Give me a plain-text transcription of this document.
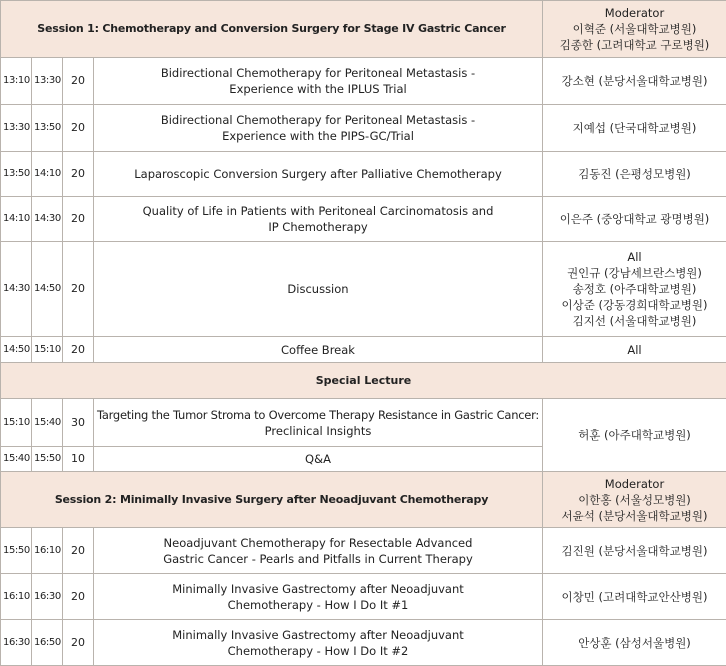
Session 1: Chemotherapy and Conversion Surgery for Stage IV Gastric Cancer				Moderator
이혁준 (서울대학교병원)
김종한 (고려대학교 구로병원)

13:10	13:30	20	Bidirectional Chemotherapy for Peritoneal Metastasis -
Experience with the IPLUS Trial	강소현 (분당서울대학교병원)

13:30	13:50	20	Bidirectional Chemotherapy for Peritoneal Metastasis -
Experience with the PIPS-GC/Trial	지예섭 (단국대학교병원)

13:50	14:10	20	Laparoscopic Conversion Surgery after Palliative Chemotherapy	김동진 (은평성모병원)

14:10	14:30	20	Quality of Life in Patients with Peritoneal Carcinomatosis and
IP Chemotherapy	이은주 (중앙대학교 광명병원)

14:30	14:50	20	Discussion	All
권인규 (강남세브란스병원)
송정호 (아주대학교병원)
이상준 (강동경희대학교병원)
김지선 (서울대학교병원)

14:50	15:10	20	Coffee Break	All

Special Lecture				
15:10	15:40	30	Targeting the Tumor Stroma to Overcome Therapy Resistance in Gastric Cancer:
Preclinical Insights	허훈 (아주대학교병원)

15:40	15:50	10	Q&A	

Session 2: Minimally Invasive Surgery after Neoadjuvant Chemotherapy				Moderator
이한홍 (서울성모병원)
서윤석 (분당서울대학교병원)

15:50	16:10	20	Neoadjuvant Chemotherapy for Resectable Advanced
Gastric Cancer - Pearls and Pitfalls in Current Therapy	김진원 (분당서울대학교병원)

16:10	16:30	20	Minimally Invasive Gastrectomy after Neoadjuvant
Chemotherapy - How I Do It #1	이창민 (고려대학교안산병원)

16:30	16:50	20	Minimally Invasive Gastrectomy after Neoadjuvant
Chemotherapy - How I Do It #2	안상훈 (삼성서울병원)
